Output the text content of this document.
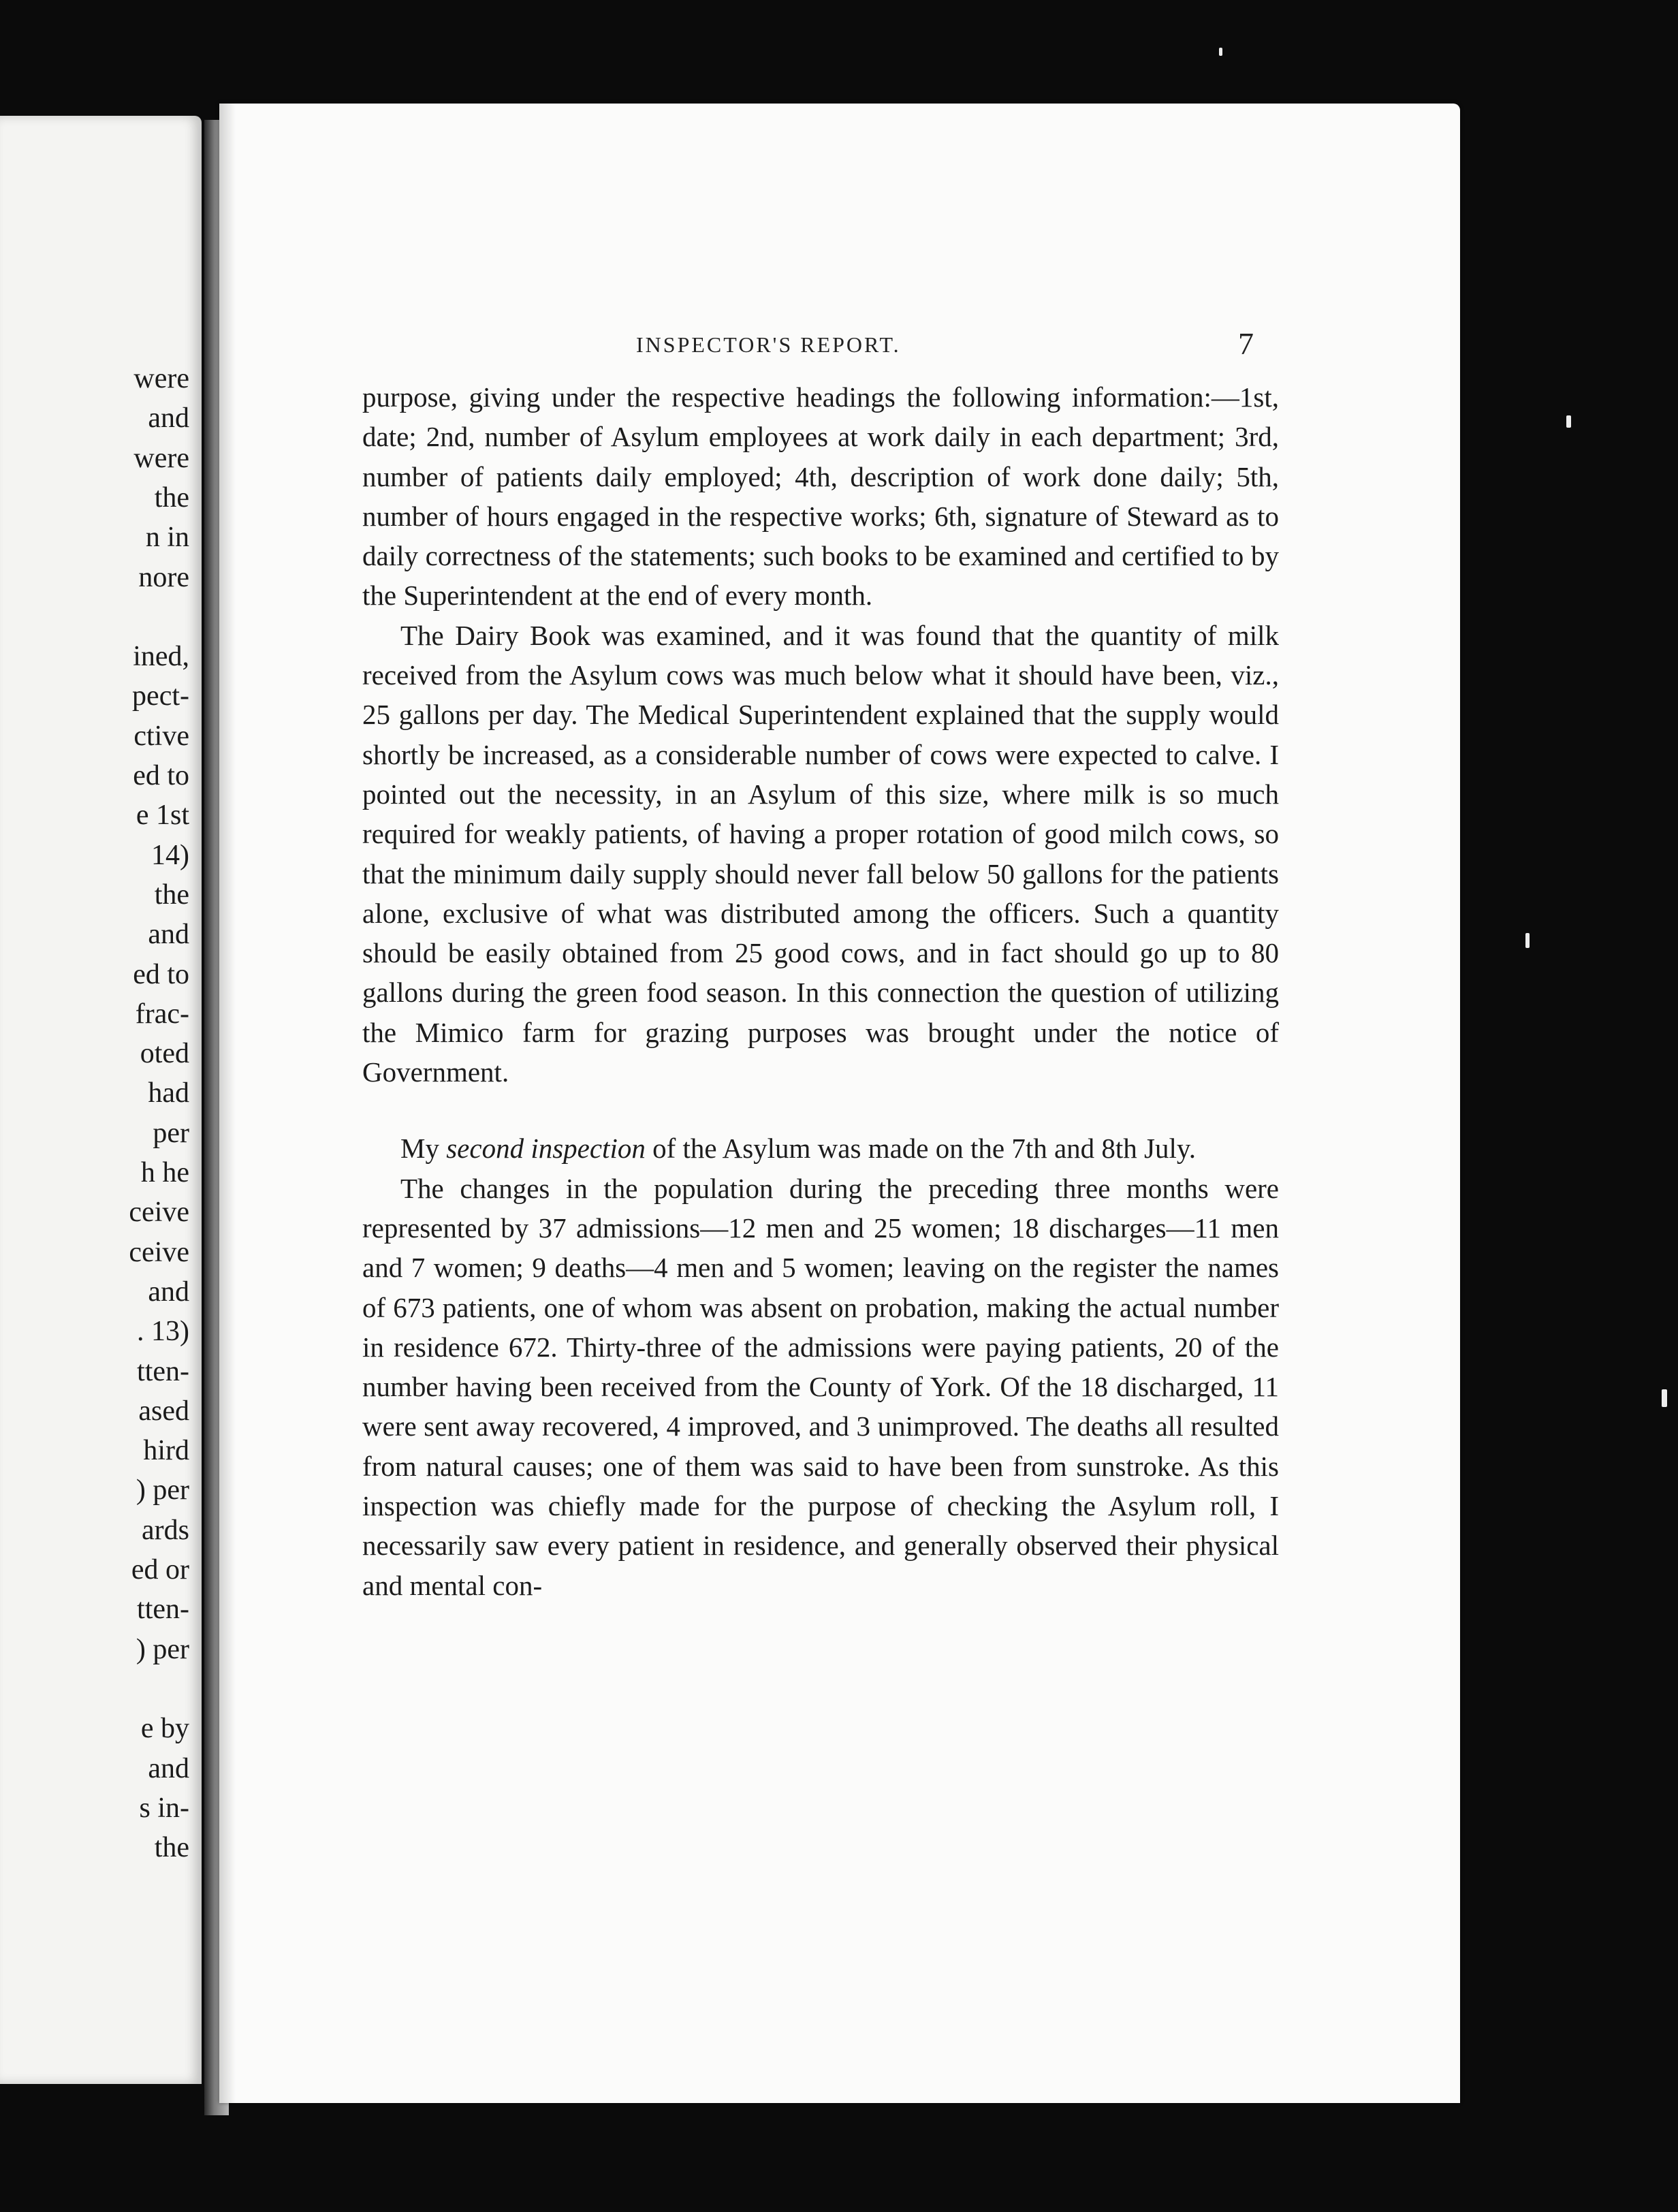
were
and
were
the
n in
nore
ined,
pect-
ctive
ed to
e 1st
14)
the
and
ed to
frac-
oted
had
per
h he
ceive
ceive
and
. 13)
tten-
ased
hird
) per
ards
ed or
tten-
) per
e by
and
s in-
the
INSPECTOR'S REPORT.	7

purpose, giving under the respective headings the following information:—1st, date; 2nd, number of Asylum employees at work daily in each department; 3rd, number of patients daily employed; 4th, description of work done daily; 5th, number of hours engaged in the respective works; 6th, signature of Steward as to daily correctness of the statements; such books to be examined and certified to by the Superintendent at the end of every month.

The Dairy Book was examined, and it was found that the quantity of milk received from the Asylum cows was much below what it should have been, viz., 25 gallons per day. The Medical Superintendent explained that the supply would shortly be increased, as a considerable number of cows were expected to calve. I pointed out the necessity, in an Asylum of this size, where milk is so much required for weakly patients, of having a proper rotation of good milch cows, so that the minimum daily supply should never fall below 50 gallons for the patients alone, exclusive of what was distributed among the officers. Such a quantity should be easily obtained from 25 good cows, and in fact should go up to 80 gallons during the green food season. In this connection the question of utilizing the Mimico farm for grazing purposes was brought under the notice of Government.

My second inspection of the Asylum was made on the 7th and 8th July.

The changes in the population during the preceding three months were represented by 37 admissions—12 men and 25 women; 18 discharges—11 men and 7 women; 9 deaths—4 men and 5 women; leaving on the register the names of 673 patients, one of whom was absent on probation, making the actual number in residence 672. Thirty-three of the admissions were paying patients, 20 of the number having been received from the County of York. Of the 18 discharged, 11 were sent away recovered, 4 improved, and 3 unimproved. The deaths all resulted from natural causes; one of them was said to have been from sunstroke. As this inspection was chiefly made for the purpose of checking the Asylum roll, I necessarily saw every patient in residence, and generally observed their physical and mental con-
